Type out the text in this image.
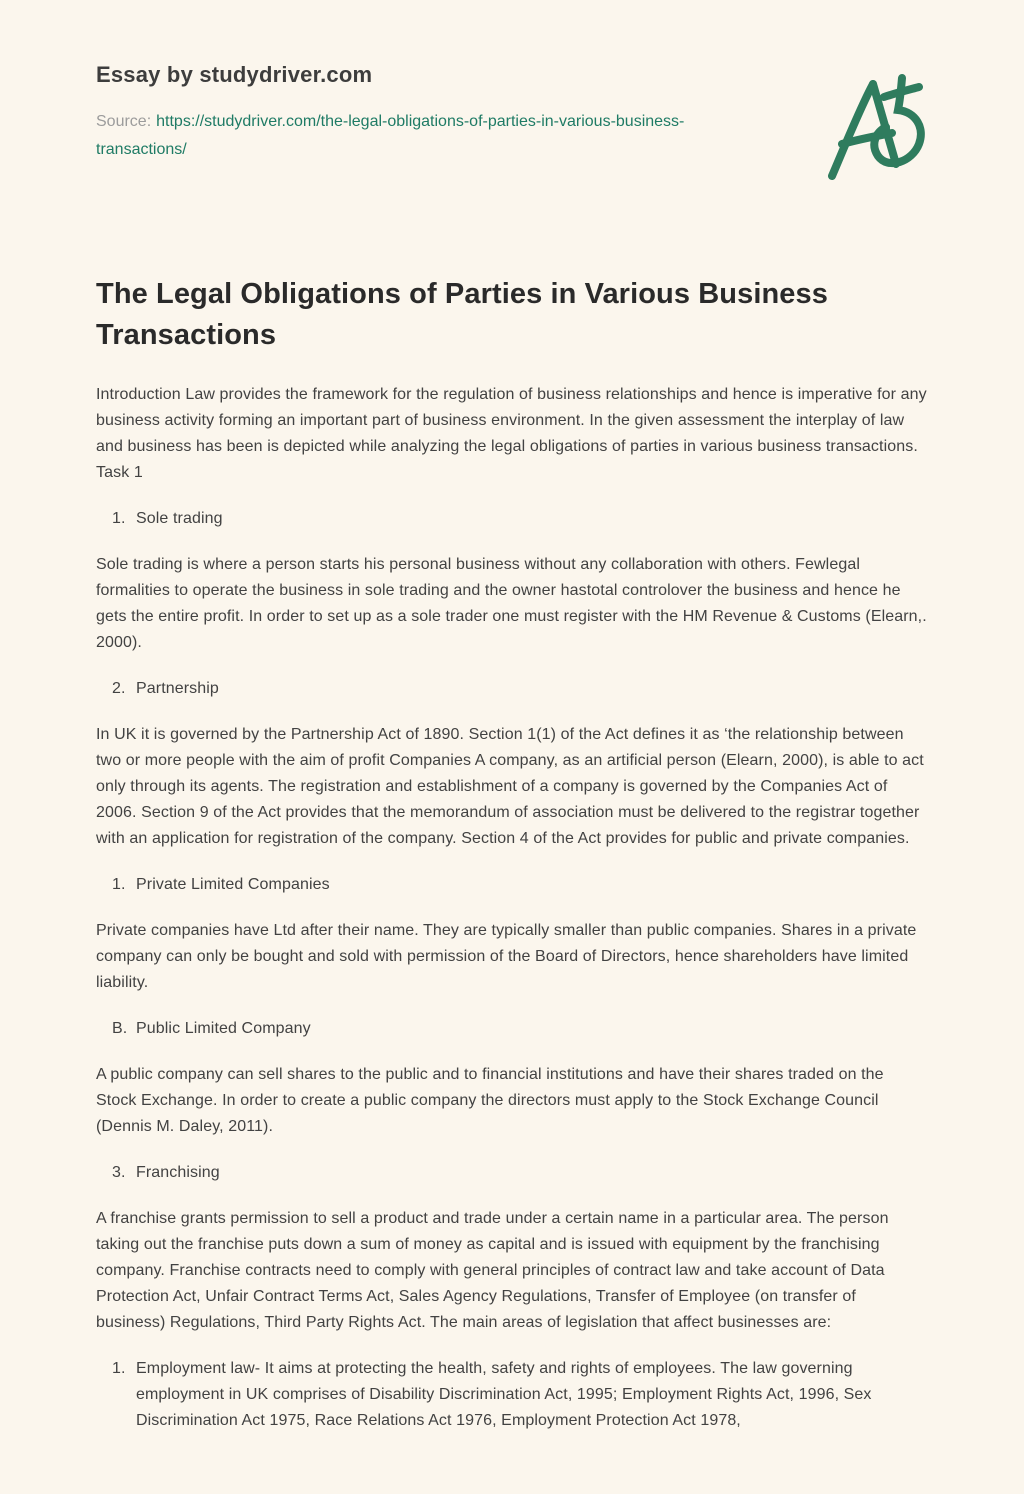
Essay by studydriver.com

Source: https://studydriver.com/the-legal-obligations-of-parties-in-various-business-transactions/

The Legal Obligations of Parties in Various Business Transactions

Introduction Law provides the framework for the regulation of business relationships and hence is imperative for any business activity forming an important part of business environment. In the given assessment the interplay of law and business has been is depicted while analyzing the legal obligations of parties in various business transactions. Task 1

1. Sole trading

Sole trading is where a person starts his personal business without any collaboration with others. Fewlegal formalities to operate the business in sole trading and the owner hastotal controlover the business and hence he gets the entire profit. In order to set up as a sole trader one must register with the HM Revenue & Customs (Elearn,. 2000).

2. Partnership

In UK it is governed by the Partnership Act of 1890. Section 1(1) of the Act defines it as ‘the relationship between two or more people with the aim of profit Companies A company, as an artificial person (Elearn, 2000), is able to act only through its agents. The registration and establishment of a company is governed by the Companies Act of 2006. Section 9 of the Act provides that the memorandum of association must be delivered to the registrar together with an application for registration of the company. Section 4 of the Act provides for public and private companies.

1. Private Limited Companies

Private companies have Ltd after their name. They are typically smaller than public companies. Shares in a private company can only be bought and sold with permission of the Board of Directors, hence shareholders have limited liability.

B. Public Limited Company

A public company can sell shares to the public and to financial institutions and have their shares traded on the Stock Exchange. In order to create a public company the directors must apply to the Stock Exchange Council (Dennis M. Daley, 2011).

3. Franchising

A franchise grants permission to sell a product and trade under a certain name in a particular area. The person taking out the franchise puts down a sum of money as capital and is issued with equipment by the franchising company. Franchise contracts need to comply with general principles of contract law and take account of Data Protection Act, Unfair Contract Terms Act, Sales Agency Regulations, Transfer of Employee (on transfer of business) Regulations, Third Party Rights Act. The main areas of legislation that affect businesses are:

1. Employment law- It aims at protecting the health, safety and rights of employees. The law governing employment in UK comprises of Disability Discrimination Act, 1995; Employment Rights Act, 1996, Sex Discrimination Act 1975, Race Relations Act 1976, Employment Protection Act 1978,
